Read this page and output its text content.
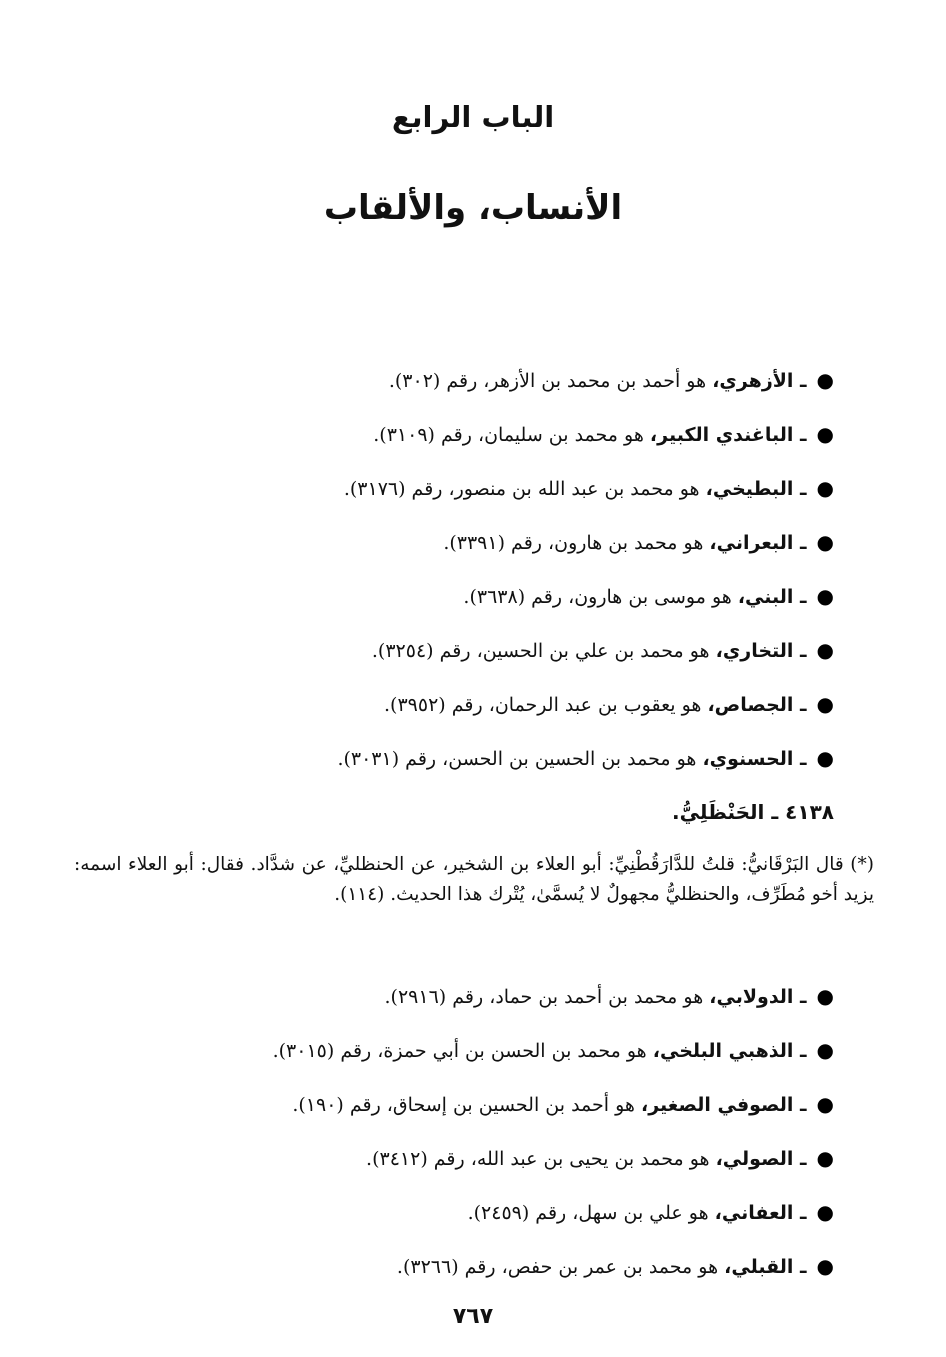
الباب الرابع
الأنساب، والألقاب
●ـ الأزهري، هو أحمد بن محمد بن الأزهر، رقم (٣٠٢).
●ـ الباغندي الكبير، هو محمد بن سليمان، رقم (٣١٠٩).
●ـ البطيخي، هو محمد بن عبد الله بن منصور، رقم (٣١٧٦).
●ـ البعراني، هو محمد بن هارون، رقم (٣٣٩١).
●ـ البني، هو موسى بن هارون، رقم (٣٦٣٨).
●ـ التخاري، هو محمد بن علي بن الحسين، رقم (٣٢٥٤).
●ـ الجصاص، هو يعقوب بن عبد الرحمان، رقم (٣٩٥٢).
●ـ الحسنوي، هو محمد بن الحسين بن الحسن، رقم (٣٠٣١).
٤١٣٨ ـ الحَنْظَلِيُّ.
(*) قال البَرْقَانيُّ: قلتُ للدَّارَقُطْنِيِّ: أبو العلاء بن الشخير، عن الحنظليِّ، عن شدَّاد. فقال: أبو العلاء اسمه: يزيد أخو مُطَرِّف، والحنظليُّ مجهولٌ لا يُسمَّىٰ، يُتْرك هذا الحديث. (١١٤).
●ـ الدولابي، هو محمد بن أحمد بن حماد، رقم (٢٩١٦).
●ـ الذهبي البلخي، هو محمد بن الحسن بن أبي حمزة، رقم (٣٠١٥).
●ـ الصوفي الصغير، هو أحمد بن الحسين بن إسحاق، رقم (١٩٠).
●ـ الصولي، هو محمد بن يحيى بن عبد الله، رقم (٣٤١٢).
●ـ العفاني، هو علي بن سهل، رقم (٢٤٥٩).
●ـ القبلي، هو محمد بن عمر بن حفص، رقم (٣٢٦٦).
٧٦٧
